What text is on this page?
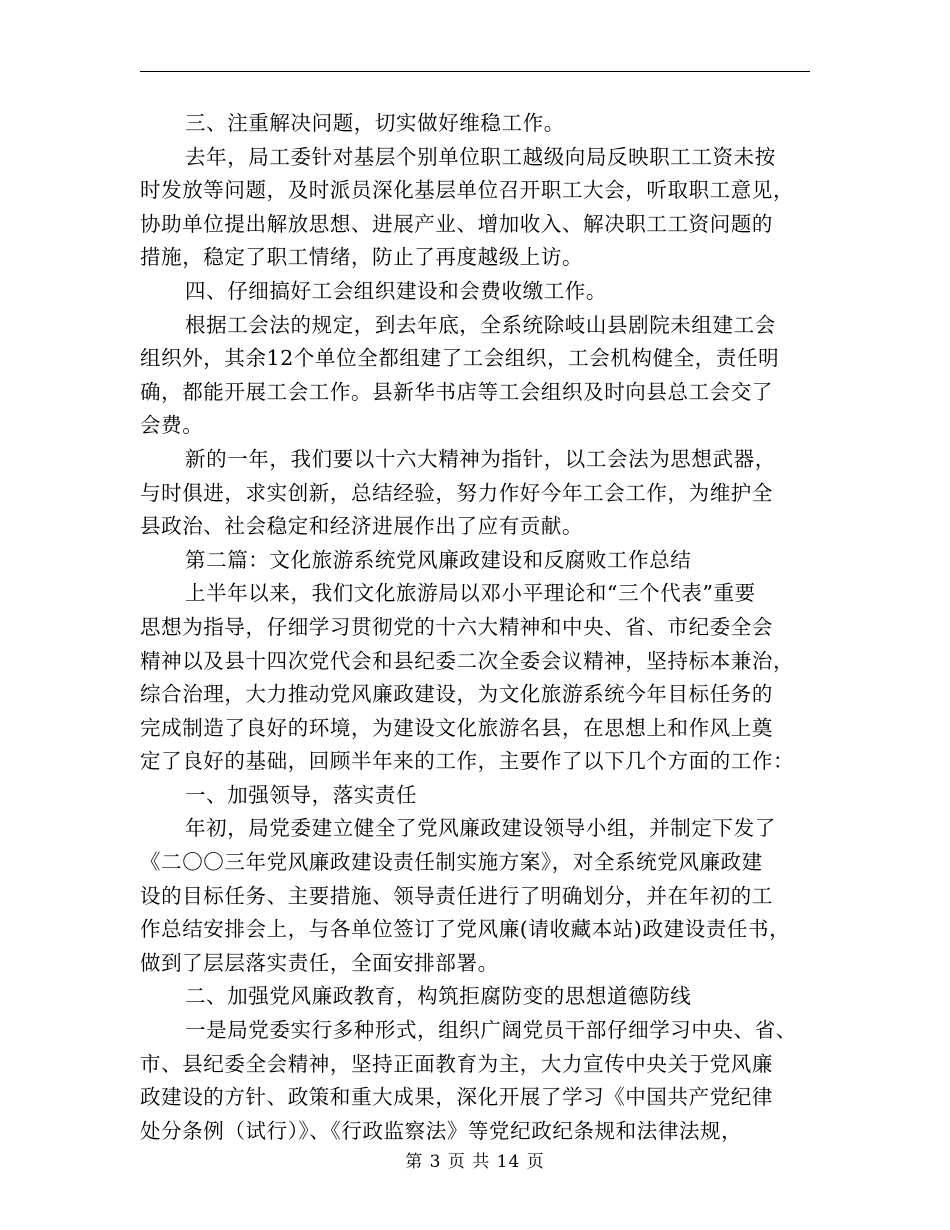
三、注重解决问题，切实做好维稳工作。
去年，局工委针对基层个别单位职工越级向局反映职工工资未按
时发放等问题，及时派员深化基层单位召开职工大会，听取职工意见，
协助单位提出解放思想、进展产业、增加收入、解决职工工资问题的
措施，稳定了职工情绪，防止了再度越级上访。
四、仔细搞好工会组织建设和会费收缴工作。
根据工会法的规定，到去年底，全系统除岐山县剧院未组建工会
组织外，其余12个单位全都组建了工会组织，工会机构健全，责任明
确，都能开展工会工作。县新华书店等工会组织及时向县总工会交了
会费。
新的一年，我们要以十六大精神为指针，以工会法为思想武器，
与时俱进，求实创新，总结经验，努力作好今年工会工作，为维护全
县政治、社会稳定和经济进展作出了应有贡献。
第二篇：文化旅游系统党风廉政建设和反腐败工作总结
上半年以来，我们文化旅游局以邓小平理论和“三个代表”重要
思想为指导，仔细学习贯彻党的十六大精神和中央、省、市纪委全会
精神以及县十四次党代会和县纪委二次全委会议精神，坚持标本兼治，
综合治理，大力推动党风廉政建设，为文化旅游系统今年目标任务的
完成制造了良好的环境，为建设文化旅游名县，在思想上和作风上奠
定了良好的基础，回顾半年来的工作，主要作了以下几个方面的工作：
一、加强领导，落实责任
年初，局党委建立健全了党风廉政建设领导小组，并制定下发了
《二〇〇三年党风廉政建设责任制实施方案》，对全系统党风廉政建
设的目标任务、主要措施、领导责任进行了明确划分，并在年初的工
作总结安排会上，与各单位签订了党风廉(请收藏本站)政建设责任书，
做到了层层落实责任，全面安排部署。
二、加强党风廉政教育，构筑拒腐防变的思想道德防线
一是局党委实行多种形式，组织广阔党员干部仔细学习中央、省、
市、县纪委全会精神，坚持正面教育为主，大力宣传中央关于党风廉
政建设的方针、政策和重大成果，深化开展了学习《中国共产党纪律
处分条例（试行）》、《行政监察法》等党纪政纪条规和法律法规，
第 3 页 共 14 页
